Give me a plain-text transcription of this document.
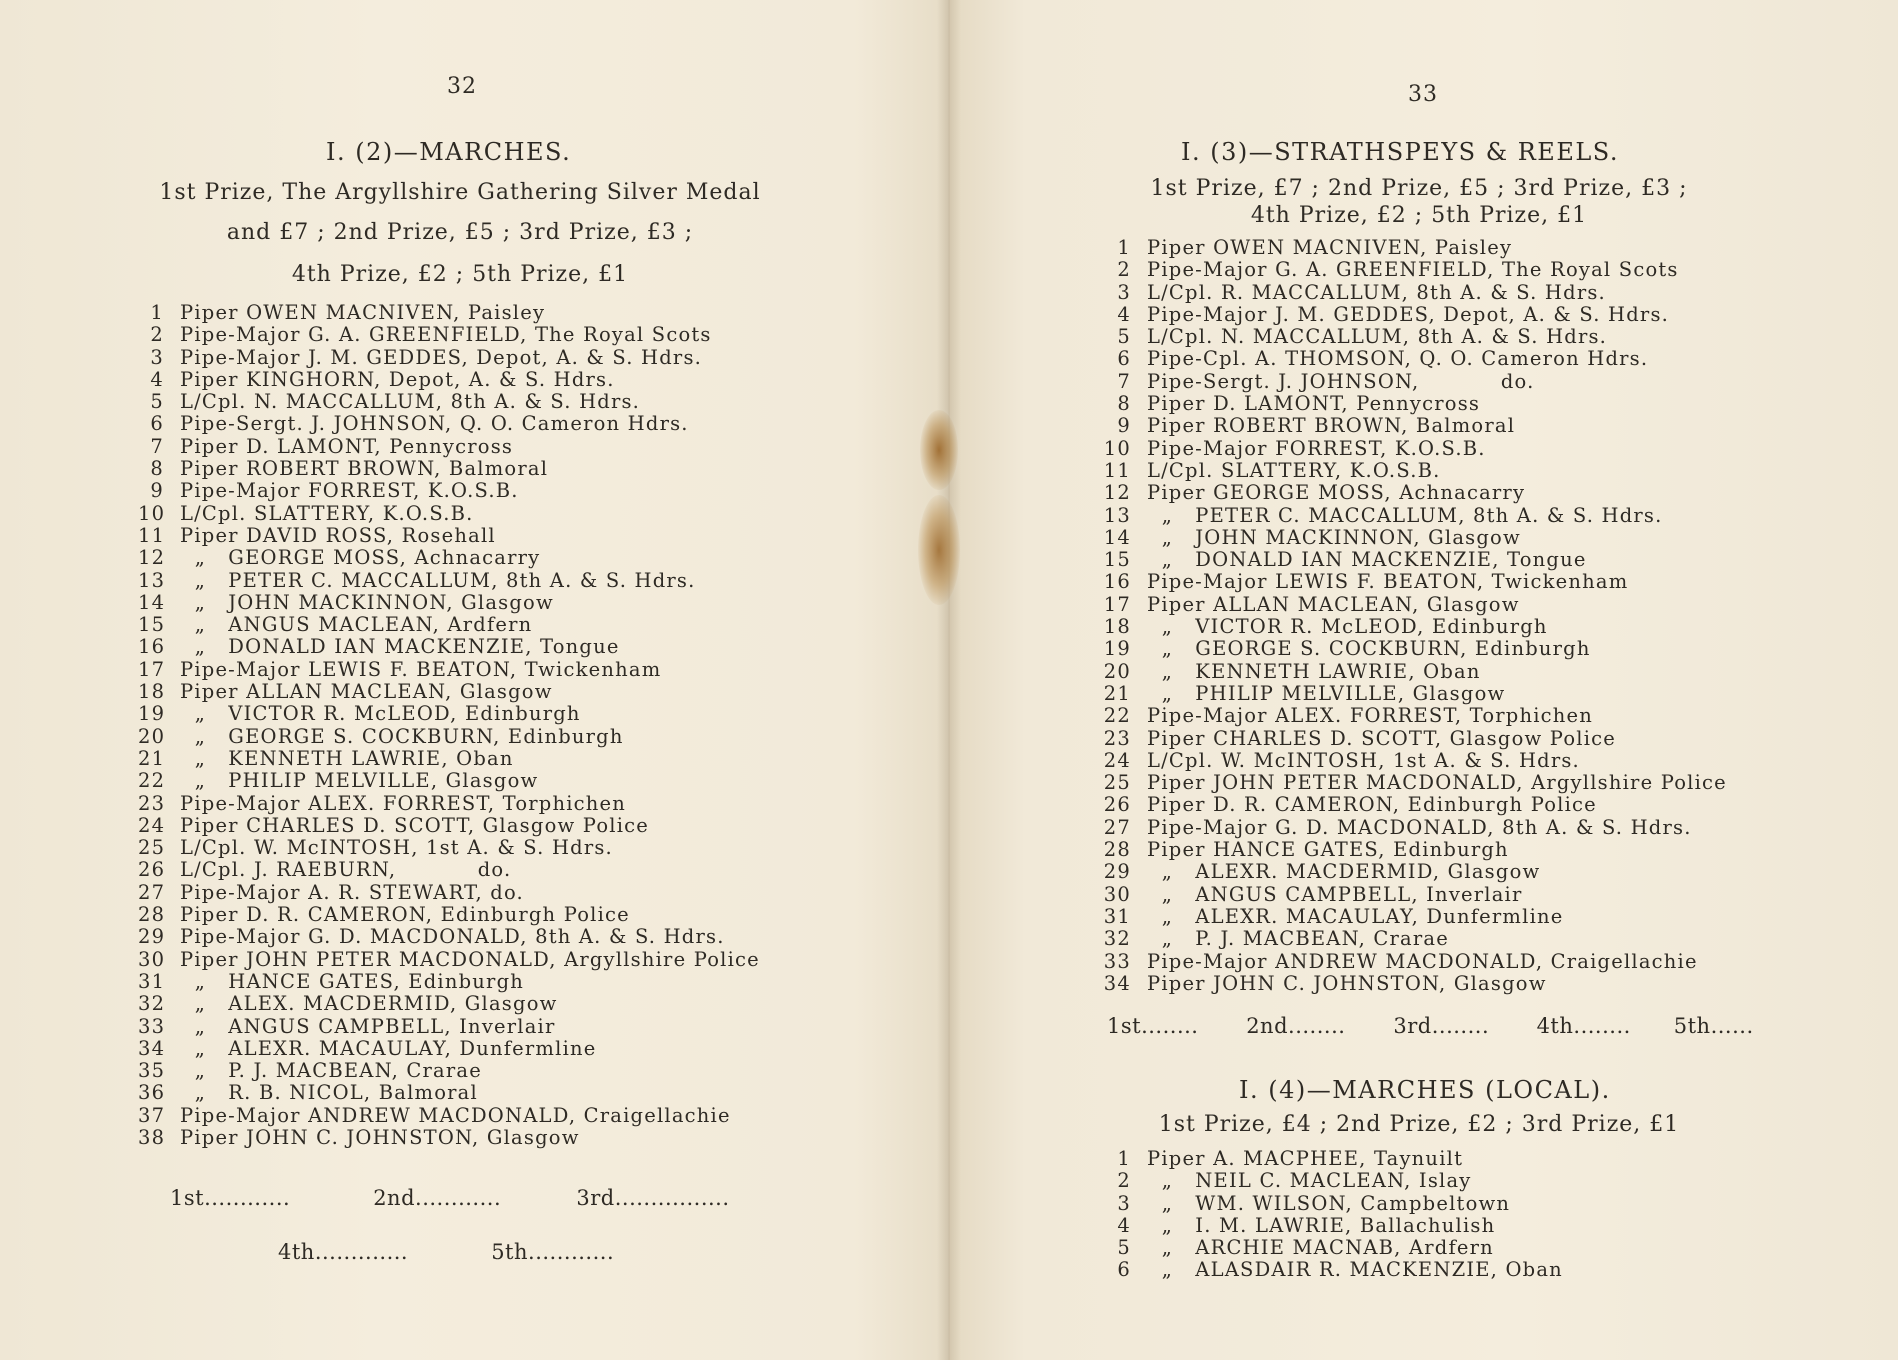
32
I. (2)—MARCHES.
1st Prize, The Argyllshire Gathering Silver Medal
and £7 ; 2nd Prize, £5 ; 3rd Prize, £3 ;
4th Prize, £2 ; 5th Prize, £1
1 Piper OWEN MACNIVEN, Paisley
2 Pipe-Major G. A. GREENFIELD, The Royal Scots
3 Pipe-Major J. M. GEDDES, Depot, A. & S. Hdrs.
4 Piper KINGHORN, Depot, A. & S. Hdrs.
5 L/Cpl. N. MACCALLUM, 8th A. & S. Hdrs.
6 Pipe-Sergt. J. JOHNSON, Q. O. Cameron Hdrs.
7 Piper D. LAMONT, Pennycross
8 Piper ROBERT BROWN, Balmoral
9 Pipe-Major FORREST, K.O.S.B.
10 L/Cpl. SLATTERY, K.O.S.B.
11 Piper DAVID ROSS, Rosehall
12 „   GEORGE MOSS, Achnacarry
13 „   PETER C. MACCALLUM, 8th A. & S. Hdrs.
14 „   JOHN MACKINNON, Glasgow
15 „   ANGUS MACLEAN, Ardfern
16 „   DONALD IAN MACKENZIE, Tongue
17 Pipe-Major LEWIS F. BEATON, Twickenham
18 Piper ALLAN MACLEAN, Glasgow
19 „   VICTOR R. McLEOD, Edinburgh
20 „   GEORGE S. COCKBURN, Edinburgh
21 „   KENNETH LAWRIE, Oban
22 „   PHILIP MELVILLE, Glasgow
23 Pipe-Major ALEX. FORREST, Torphichen
24 Piper CHARLES D. SCOTT, Glasgow Police
25 L/Cpl. W. McINTOSH, 1st A. & S. Hdrs.
26 L/Cpl. J. RAEBURN,           do.
27 Pipe-Major A. R. STEWART, do.
28 Piper D. R. CAMERON, Edinburgh Police
29 Pipe-Major G. D. MACDONALD, 8th A. & S. Hdrs.
30 Piper JOHN PETER MACDONALD, Argyllshire Police
31 „   HANCE GATES, Edinburgh
32 „   ALEX. MACDERMID, Glasgow
33 „   ANGUS CAMPBELL, Inverlair
34 „   ALEXR. MACAULAY, Dunfermline
35 „   P. J. MACBEAN, Crarae
36 „   R. B. NICOL, Balmoral
37 Pipe-Major ANDREW MACDONALD, Craigellachie
38 Piper JOHN C. JOHNSTON, Glasgow
1st............	2nd............	3rd................
4th.............	5th............
33
I. (3)—STRATHSPEYS & REELS.
1st Prize, £7 ; 2nd Prize, £5 ; 3rd Prize, £3 ;
4th Prize, £2 ; 5th Prize, £1
1 Piper OWEN MACNIVEN, Paisley
2 Pipe-Major G. A. GREENFIELD, The Royal Scots
3 L/Cpl. R. MACCALLUM, 8th A. & S. Hdrs.
4 Pipe-Major J. M. GEDDES, Depot, A. & S. Hdrs.
5 L/Cpl. N. MACCALLUM, 8th A. & S. Hdrs.
6 Pipe-Cpl. A. THOMSON, Q. O. Cameron Hdrs.
7 Pipe-Sergt. J. JOHNSON,           do.
8 Piper D. LAMONT, Pennycross
9 Piper ROBERT BROWN, Balmoral
10 Pipe-Major FORREST, K.O.S.B.
11 L/Cpl. SLATTERY, K.O.S.B.
12 Piper GEORGE MOSS, Achnacarry
13 „   PETER C. MACCALLUM, 8th A. & S. Hdrs.
14 „   JOHN MACKINNON, Glasgow
15 „   DONALD IAN MACKENZIE, Tongue
16 Pipe-Major LEWIS F. BEATON, Twickenham
17 Piper ALLAN MACLEAN, Glasgow
18 „   VICTOR R. McLEOD, Edinburgh
19 „   GEORGE S. COCKBURN, Edinburgh
20 „   KENNETH LAWRIE, Oban
21 „   PHILIP MELVILLE, Glasgow
22 Pipe-Major ALEX. FORREST, Torphichen
23 Piper CHARLES D. SCOTT, Glasgow Police
24 L/Cpl. W. McINTOSH, 1st A. & S. Hdrs.
25 Piper JOHN PETER MACDONALD, Argyllshire Police
26 Piper D. R. CAMERON, Edinburgh Police
27 Pipe-Major G. D. MACDONALD, 8th A. & S. Hdrs.
28 Piper HANCE GATES, Edinburgh
29 „   ALEXR. MACDERMID, Glasgow
30 „   ANGUS CAMPBELL, Inverlair
31 „   ALEXR. MACAULAY, Dunfermline
32 „   P. J. MACBEAN, Crarae
33 Pipe-Major ANDREW MACDONALD, Craigellachie
34 Piper JOHN C. JOHNSTON, Glasgow
1st........ 2nd........ 3rd........ 4th........ 5th......
I. (4)—MARCHES (LOCAL).
1st Prize, £4 ; 2nd Prize, £2 ; 3rd Prize, £1
1 Piper A. MACPHEE, Taynuilt
2 „   NEIL C. MACLEAN, Islay
3 „   WM. WILSON, Campbeltown
4 „   I. M. LAWRIE, Ballachulish
5 „   ARCHIE MACNAB, Ardfern
6 „   ALASDAIR R. MACKENZIE, Oban
